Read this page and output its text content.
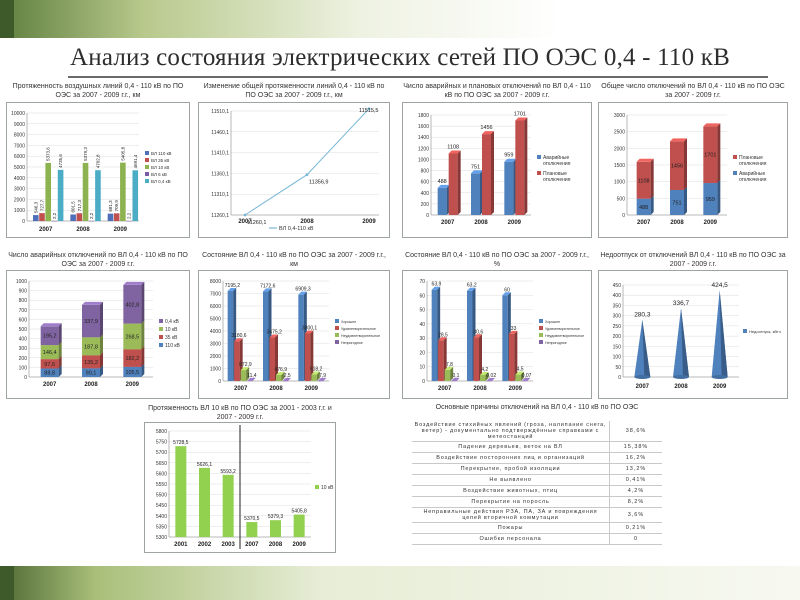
Анализ состояния электрических сетей ПО ОЭС 0,4 - 110 кВ
Протяженность воздушных линий 0,4 - 110 кВ по ПО ОЭС за 2007 - 2009 г.г., км
0
1000
2000
3000
4000
5000
6000
7000
8000
9000
10000
546,3 727,7
5373,6
2,2
4735,6
601,5 717,3
5379,3
2,2
4702,8
681,3 709,9
5405,8
2,2
4691,4
2007	2008	2009
ВЛ 110 кВ
ВЛ 35 кВ
ВЛ 10 кВ
ВЛ 6 кВ
ВЛ 0,4 кВ
Изменение общей протяженности линий 0,4 - 110 кВ по ПО ОЭС за 2007 - 2009 г.г., км
11260,1
11310,1
11360,1
11410,1
11460,1
11510,1
11260,1
11356,9
11515,5
2007	2008	2009
ВЛ 0,4-110 кВ
Число аварийных и плановых отключений по ВЛ 0,4 - 110 кВ по ПО ОЭС за 2007 - 2009 г.г.
0
200
400
600
800
1000
1200
1400
1600
1800
488
1108
751
1456
959
1701
2007	2008	2009
Аварийные
отключения
Плановые
отключения
Общее число отключений по ВЛ 0,4 - 110 кВ по ПО ОЭС за 2007 - 2009 г.г.
0
500
1000
1500
2000
2500
3000
488
1108
751
1456
959
1701
2007	2008	2009
Плановые
отключения
Аварийные
отключения
Число аварийных отключений по ВЛ 0,4 - 110 кВ по ПО ОЭС за 2007 - 2009 г.г.
0
100
200
300
400
500
600
700
800
900
1000
88,8
97,6
146,4
195,2
90,1
135,2
187,8
337,9
105,5
182,2
268,5
402,8
2007	2008	2009
0,4 кВ
10 кВ
35 кВ
110 кВ
Состояние ВЛ 0,4 - 110 кВ по ПО ОЭС за 2007 - 2009 г.г., км
0
1000
2000
3000
4000
5000
6000
7000
8000
7195,2
3180,6
872,9
11,4
7172,6
3475,2
476,9
2,5
6909,3
3800,1
518,2
7,9
2007	2008	2009
Хорошее
Удовлетворительное
Неудовлетворительное
Непригодное
Состояние ВЛ 0,4 - 110 кВ по ПО ОЭС за 2007 - 2009 г.г., %
0
10
20
30
40
50
60
70 63,9
28,5
7,8
0,1
63,2
30,6
4,2
0,02
60
33
4,5
0,07
2007	2008	2009
Хорошее
Удовлетворительное
Неудовлетворительное
Непригодное
Недоотпуск от отключений ВЛ 0,4 - 110 кВ по ПО ОЭС за 2007 - 2009 г.г.
0
50
100
150
200
250
300
350
400
450
280,3
336,7
424,5
2007	2008	2009
Недоотпуск, кВтч
Протяженность ВЛ 10 кВ по ПО ОЭС за 2001 - 2003 г.г. и 2007 - 2009 г.г.
5300
5350
5400
5450
5500
5550
5600
5650
5700
5750
5800
5728,5
5626,1
5593,2
5370,5 5379,3
5405,8
2001 2002 2003 2007 2008 2009
10 кВ
Основные причины отключений на ВЛ 0,4 - 110 кВ по ПО ОЭС
Воздействие стихийных явлений (гроза, налипание снега, ветер) - документально подтверждённые справками с метеостанций	38,6%
Падение деревьев, веток на ВЛ	15,38%
Воздействие посторонних лиц и организаций	16,2%
Перекрытие, пробой изоляции	13,2%
Не выявлено	0,41%
Воздействие животных, птиц	4,2%
Перекрытие на поросль	8,2%
Неправильные действия РЗА, ПА, ЗА и повреждения цепей вторичной коммутации	3,6%
Пожары	0,21%
Ошибки персонала	0
